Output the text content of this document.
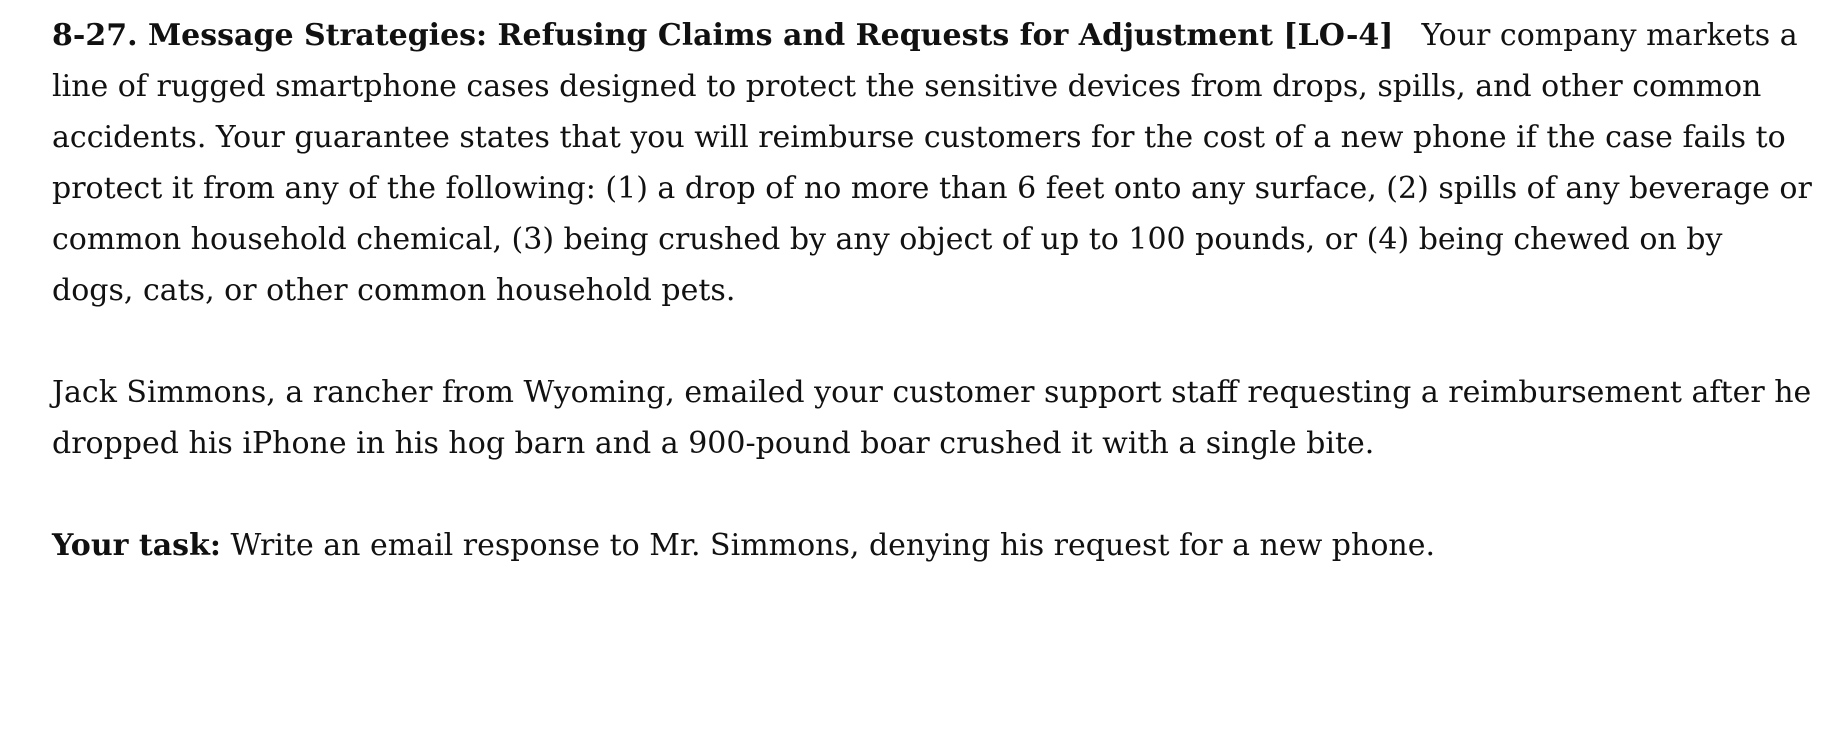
8-27. Message Strategies: Refusing Claims and Requests for Adjustment [LO-4] Your company markets a line of rugged smartphone cases designed to protect the sensitive devices from drops, spills, and other common accidents. Your guarantee states that you will reimburse customers for the cost of a new phone if the case fails to protect it from any of the following: (1) a drop of no more than 6 feet onto any surface, (2) spills of any beverage or common household chemical, (3) being crushed by any object of up to 100 pounds, or (4) being chewed on by dogs, cats, or other common household pets.

Jack Simmons, a rancher from Wyoming, emailed your customer support staff requesting a reimbursement after he dropped his iPhone in his hog barn and a 900-pound boar crushed it with a single bite.

Your task: Write an email response to Mr. Simmons, denying his request for a new phone.
